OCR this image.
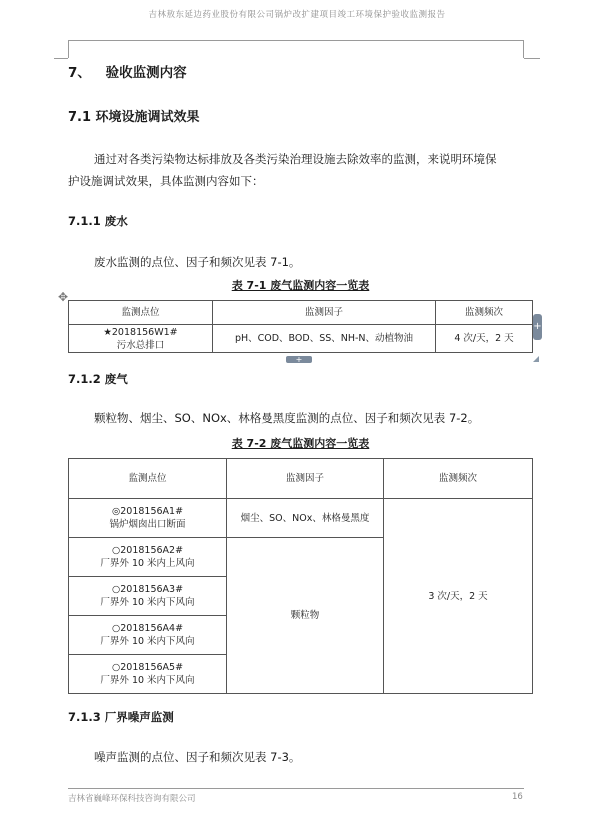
吉林敖东延边药业股份有限公司锅炉改扩建项目竣工环境保护验收监测报告
7、 验收监测内容
7.1 环境设施调试效果
通过对各类污染物达标排放及各类污染治理设施去除效率的监测，来说明环境保
护设施调试效果，具体监测内容如下：
7.1.1 废水
废水监测的点位、因子和频次见表 7-1。
表 7-1 废气监测内容一览表
✥
+
+
监测点位	监测因子	监测频次

★2018156W1#
污水总排口	pH、COD、BOD、SS、NH-N、动植物油	4 次/天，2 天
7.1.2 废气
颗粒物、烟尘、SO、NOx、林格曼黑度监测的点位、因子和频次见表 7-2。
表 7-2 废气监测内容一览表
监测点位	监测因子	监测频次

◎2018156A1#
锅炉烟囱出口断面	烟尘、SO、NOx、林格曼黑度	3 次/天，2 天

○2018156A2#
厂界外 10 米内上风向	颗粒物	

○2018156A3#
厂界外 10 米内下风向		

○2018156A4#
厂界外 10 米内下风向		

○2018156A5#
厂界外 10 米内下风向		
7.1.3 厂界噪声监测
噪声监测的点位、因子和频次见表 7-3。
吉林省巍峰环保科技咨询有限公司	16
